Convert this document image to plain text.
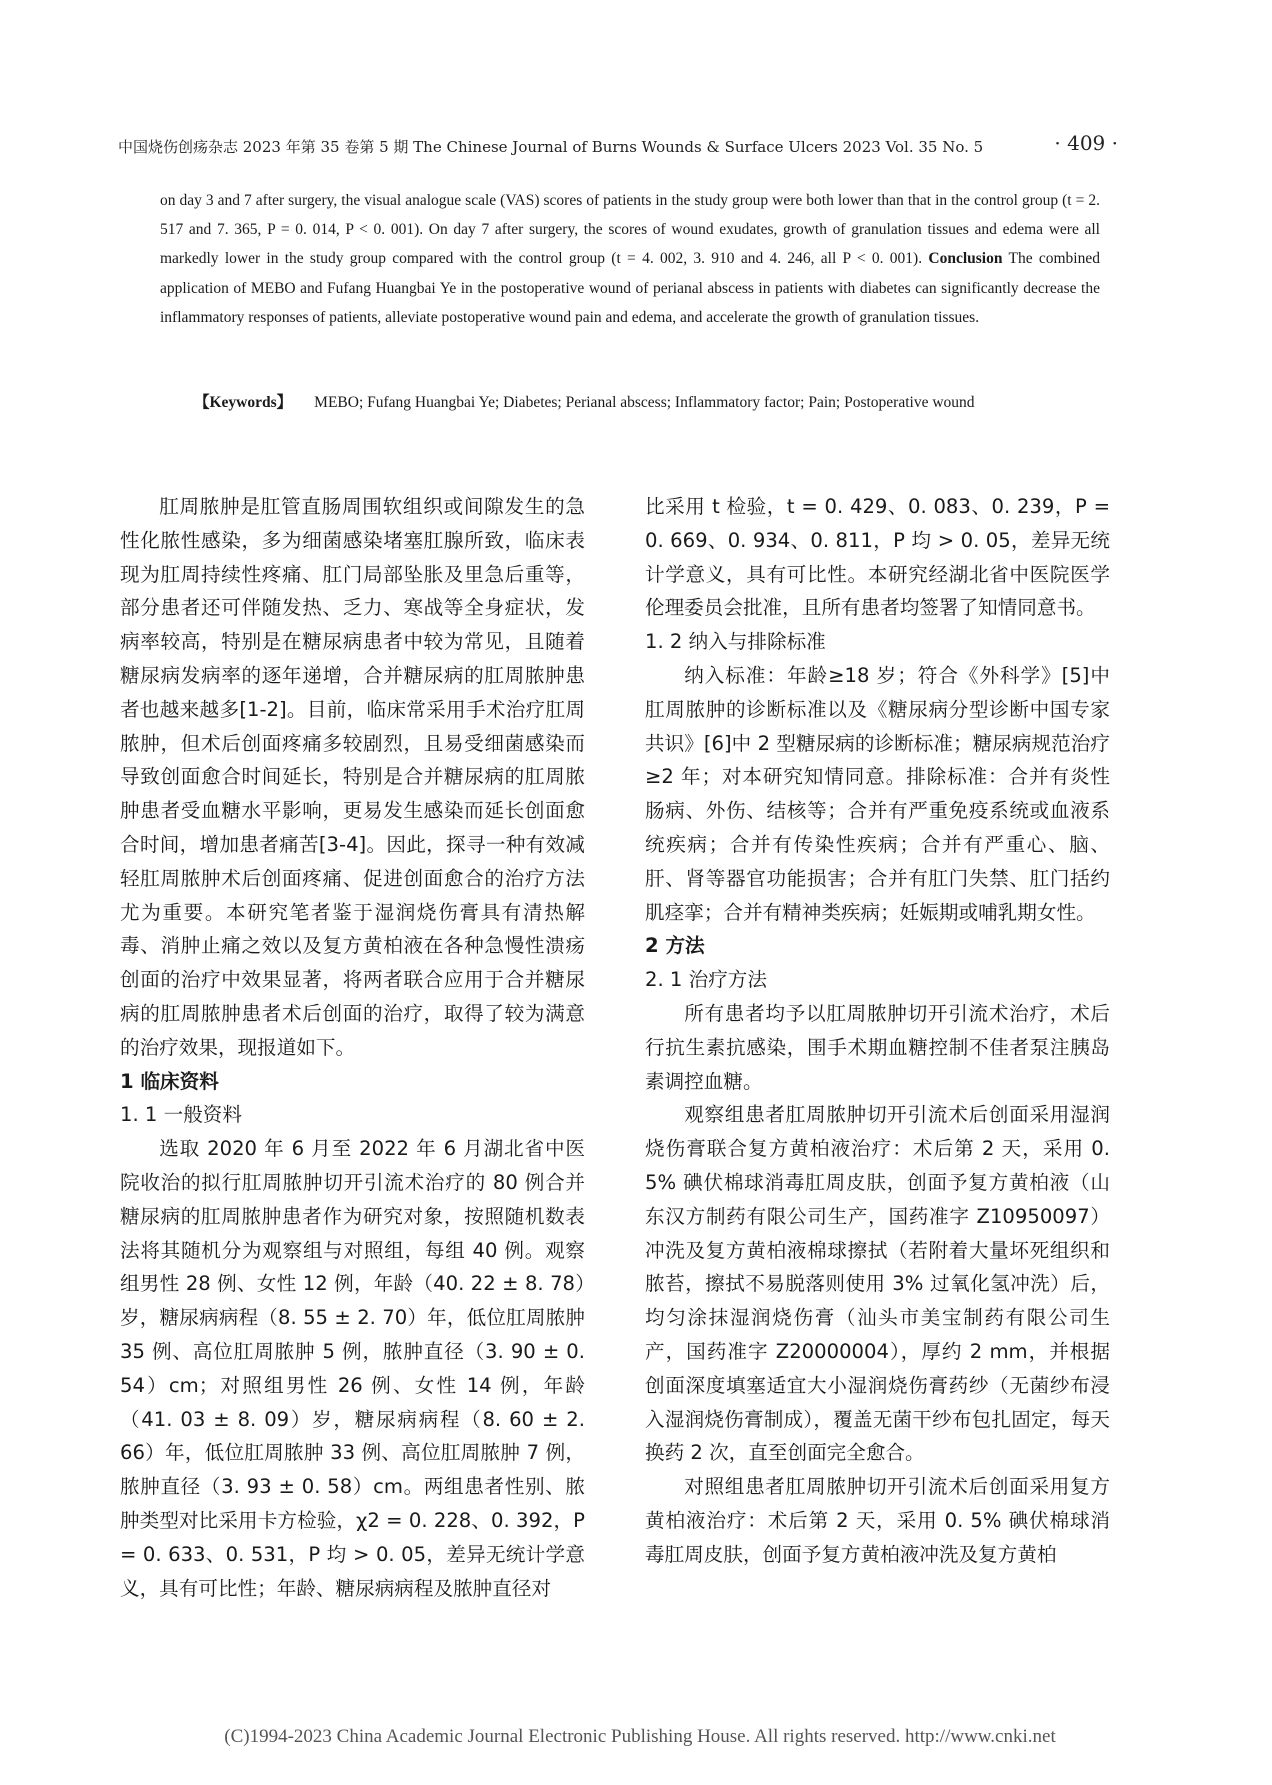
中国烧伤创疡杂志 2023 年第 35 卷第 5 期 The Chinese Journal of Burns Wounds & Surface Ulcers 2023 Vol. 35 No. 5	· 409 ·
on day 3 and 7 after surgery, the visual analogue scale (VAS) scores of patients in the study group were both lower than that in the control group (t = 2. 517 and 7. 365, P = 0. 014, P < 0. 001). On day 7 after surgery, the scores of wound exudates, growth of granulation tissues and edema were all markedly lower in the study group compared with the control group (t = 4. 002, 3. 910 and 4. 246, all P < 0. 001). Conclusion The combined application of MEBO and Fufang Huangbai Ye in the postoperative wound of perianal abscess in patients with diabetes can significantly decrease the inflammatory responses of patients, alleviate postoperative wound pain and edema, and accelerate the growth of granulation tissues.
【Keywords】 MEBO; Fufang Huangbai Ye; Diabetes; Perianal abscess; Inflammatory factor; Pain; Postoperative wound

肛周脓肿是肛管直肠周围软组织或间隙发生的急性化脓性感染，多为细菌感染堵塞肛腺所致，临床表现为肛周持续性疼痛、肛门局部坠胀及里急后重等，部分患者还可伴随发热、乏力、寒战等全身症状，发病率较高，特别是在糖尿病患者中较为常见，且随着糖尿病发病率的逐年递增，合并糖尿病的肛周脓肿患者也越来越多[1-2]。目前，临床常采用手术治疗肛周脓肿，但术后创面疼痛多较剧烈，且易受细菌感染而导致创面愈合时间延长，特别是合并糖尿病的肛周脓肿患者受血糖水平影响，更易发生感染而延长创面愈合时间，增加患者痛苦[3-4]。因此，探寻一种有效减轻肛周脓肿术后创面疼痛、促进创面愈合的治疗方法尤为重要。本研究笔者鉴于湿润烧伤膏具有清热解毒、消肿止痛之效以及复方黄柏液在各种急慢性溃疡创面的治疗中效果显著，将两者联合应用于合并糖尿病的肛周脓肿患者术后创面的治疗，取得了较为满意的治疗效果，现报道如下。

1 临床资料
1. 1 一般资料

选取 2020 年 6 月至 2022 年 6 月湖北省中医院收治的拟行肛周脓肿切开引流术治疗的 80 例合并糖尿病的肛周脓肿患者作为研究对象，按照随机数表法将其随机分为观察组与对照组，每组 40 例。观察组男性 28 例、女性 12 例，年龄（40. 22 ± 8. 78）岁，糖尿病病程（8. 55 ± 2. 70）年，低位肛周脓肿 35 例、高位肛周脓肿 5 例，脓肿直径（3. 90 ± 0. 54）cm；对照组男性 26 例、女性 14 例，年龄（41. 03 ± 8. 09）岁，糖尿病病程（8. 60 ± 2. 66）年，低位肛周脓肿 33 例、高位肛周脓肿 7 例，脓肿直径（3. 93 ± 0. 58）cm。两组患者性别、脓肿类型对比采用卡方检验，χ2 = 0. 228、0. 392，P = 0. 633、0. 531，P 均 > 0. 05，差异无统计学意义，具有可比性；年龄、糖尿病病程及脓肿直径对

比采用 t 检验，t = 0. 429、0. 083、0. 239，P = 0. 669、0. 934、0. 811，P 均 > 0. 05，差异无统计学意义，具有可比性。本研究经湖北省中医院医学伦理委员会批准，且所有患者均签署了知情同意书。

1. 2 纳入与排除标准

纳入标准：年龄≥18 岁；符合《外科学》[5]中肛周脓肿的诊断标准以及《糖尿病分型诊断中国专家共识》[6]中 2 型糖尿病的诊断标准；糖尿病规范治疗≥2 年；对本研究知情同意。排除标准：合并有炎性肠病、外伤、结核等；合并有严重免疫系统或血液系统疾病；合并有传染性疾病；合并有严重心、脑、肝、肾等器官功能损害；合并有肛门失禁、肛门括约肌痉挛；合并有精神类疾病；妊娠期或哺乳期女性。

2 方法
2. 1 治疗方法

所有患者均予以肛周脓肿切开引流术治疗，术后行抗生素抗感染，围手术期血糖控制不佳者泵注胰岛素调控血糖。

观察组患者肛周脓肿切开引流术后创面采用湿润烧伤膏联合复方黄柏液治疗：术后第 2 天，采用 0. 5% 碘伏棉球消毒肛周皮肤，创面予复方黄柏液（山东汉方制药有限公司生产，国药准字 Z10950097）冲洗及复方黄柏液棉球擦拭（若附着大量坏死组织和脓苔，擦拭不易脱落则使用 3% 过氧化氢冲洗）后，均匀涂抹湿润烧伤膏（汕头市美宝制药有限公司生产，国药准字 Z20000004），厚约 2 mm，并根据创面深度填塞适宜大小湿润烧伤膏药纱（无菌纱布浸入湿润烧伤膏制成），覆盖无菌干纱布包扎固定，每天换药 2 次，直至创面完全愈合。

对照组患者肛周脓肿切开引流术后创面采用复方黄柏液治疗：术后第 2 天，采用 0. 5% 碘伏棉球消毒肛周皮肤，创面予复方黄柏液冲洗及复方黄柏

(C)1994-2023 China Academic Journal Electronic Publishing House. All rights reserved. http://www.cnki.net
